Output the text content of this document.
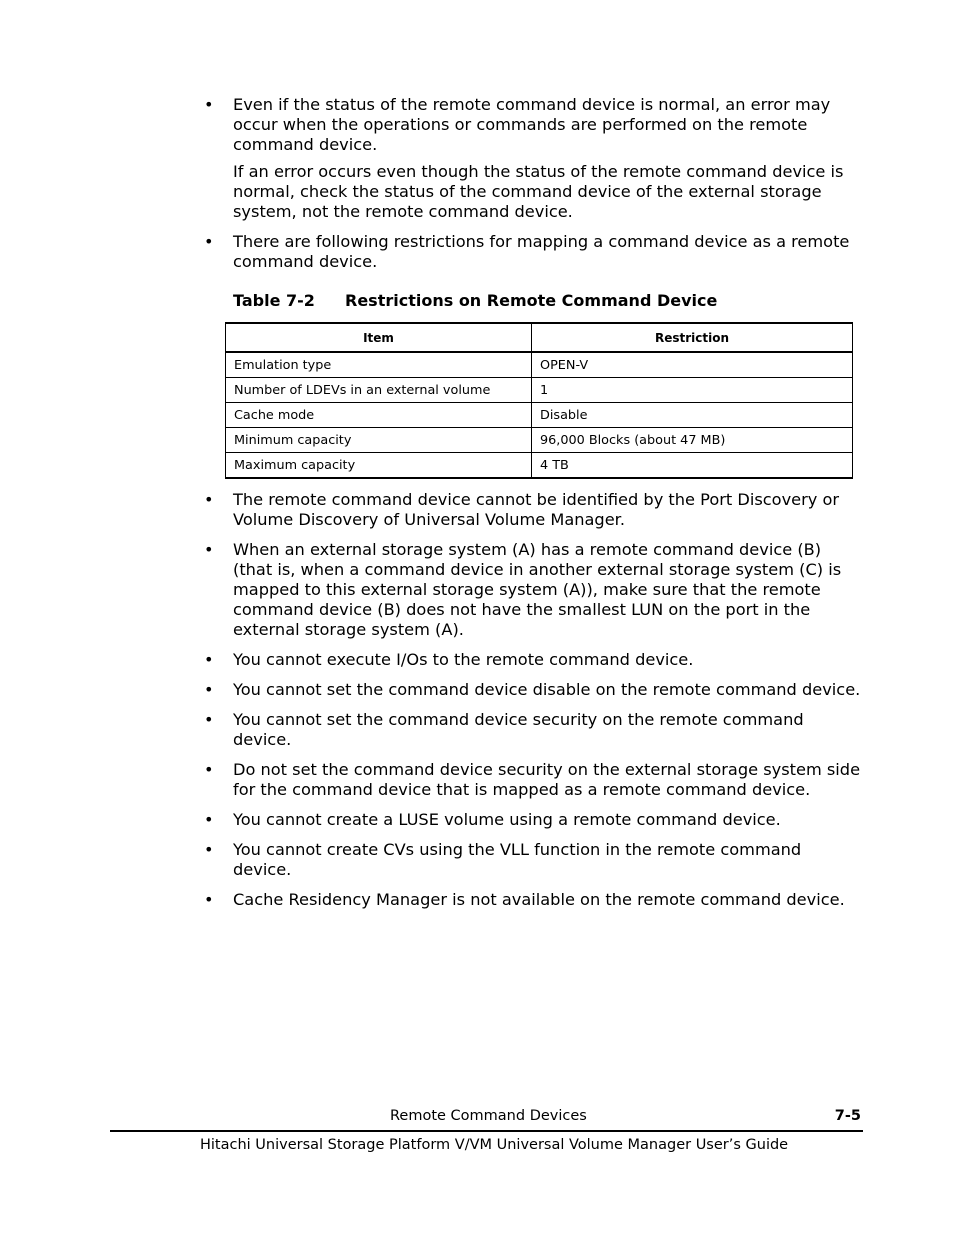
• Even if the status of the remote command device is normal, an error may occur when the operations or commands are performed on the remote command device.

If an error occurs even though the status of the remote command device is normal, check the status of the command device of the external storage system, not the remote command device.

• There are following restrictions for mapping a command device as a remote command device.

Table 7-2 Restrictions on Remote Command Device
Item	Restriction
Emulation type	OPEN-V
Number of LDEVs in an external volume	1
Cache mode	Disable
Minimum capacity	96,000 Blocks (about 47 MB)
Maximum capacity	4 TB
• The remote command device cannot be identified by the Port Discovery or Volume Discovery of Universal Volume Manager.

• When an external storage system (A) has a remote command device (B) (that is, when a command device in another external storage system (C) is mapped to this external storage system (A)), make sure that the remote command device (B) does not have the smallest LUN on the port in the external storage system (A).

• You cannot execute I/Os to the remote command device.

• You cannot set the command device disable on the remote command device.

• You cannot set the command device security on the remote command device.

• Do not set the command device security on the external storage system side for the command device that is mapped as a remote command device.

• You cannot create a LUSE volume using a remote command device.

• You cannot create CVs using the VLL function in the remote command device.

• Cache Residency Manager is not available on the remote command device.

Remote Command Devices	7-5
Hitachi Universal Storage Platform V/VM Universal Volume Manager User’s Guide
